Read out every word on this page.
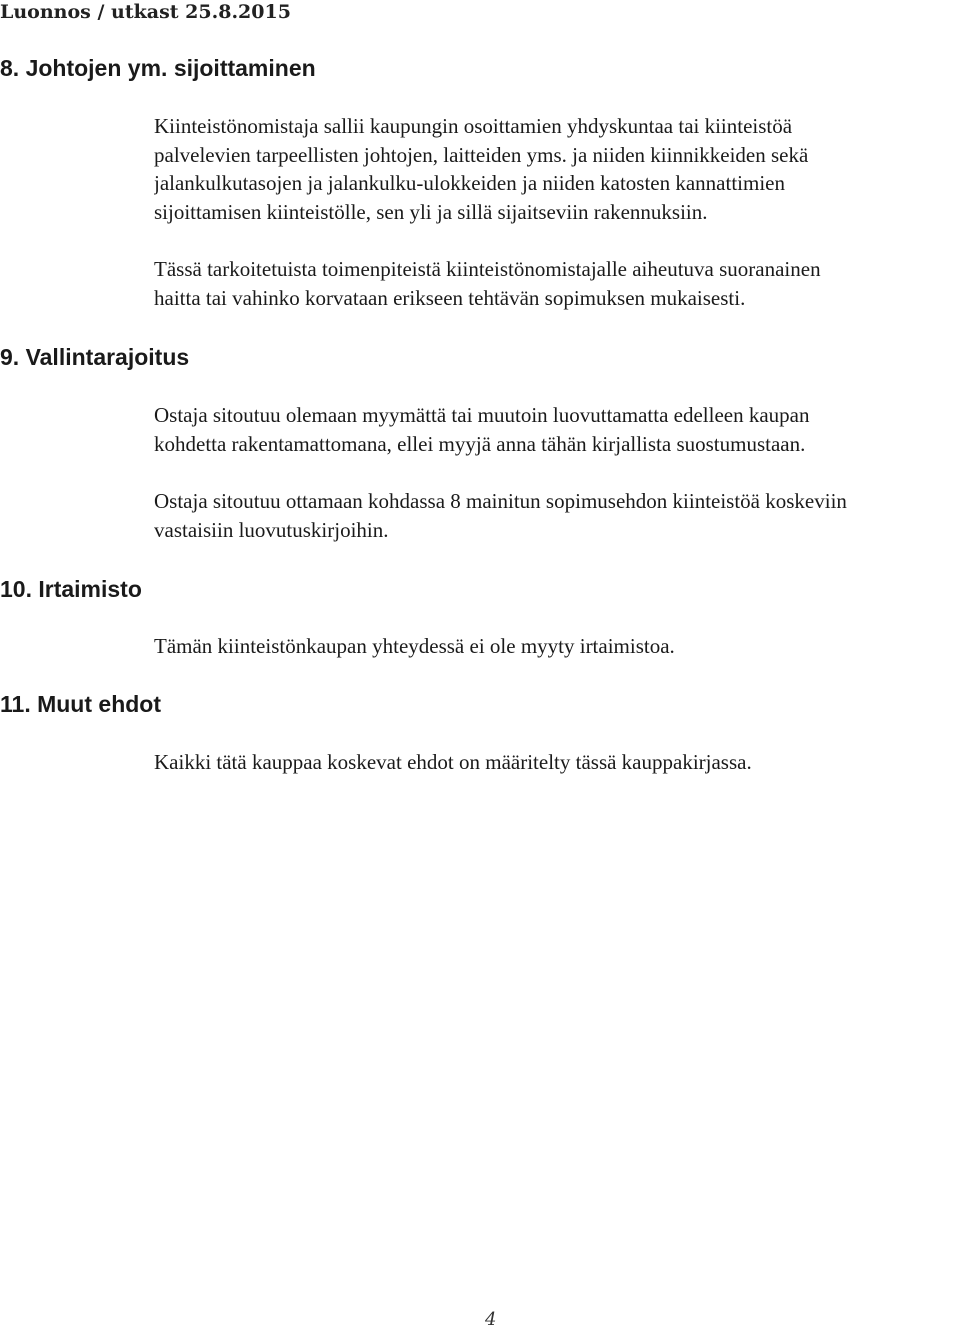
Luonnos / utkast 25.8.2015
8. Johtojen ym. sijoittaminen
Kiinteistönomistaja sallii kaupungin osoittamien yhdyskuntaa tai kiinteistöä
palvelevien tarpeellisten johtojen, laitteiden yms. ja niiden kiinnikkeiden sekä
jalankulkutasojen ja jalankulku-ulokkeiden ja niiden katosten kannattimien
sijoittamisen kiinteistölle, sen yli ja sillä sijaitseviin rakennuksiin.
Tässä tarkoitetuista toimenpiteistä kiinteistönomistajalle aiheutuva suoranainen
haitta tai vahinko korvataan erikseen tehtävän sopimuksen mukaisesti.
9. Vallintarajoitus
Ostaja sitoutuu olemaan myymättä tai muutoin luovuttamatta edelleen kaupan
kohdetta rakentamattomana, ellei myyjä anna tähän kirjallista suostumustaan.
Ostaja sitoutuu ottamaan kohdassa 8 mainitun sopimusehdon kiinteistöä koskeviin
vastaisiin luovutuskirjoihin.
10. Irtaimisto
Tämän kiinteistönkaupan yhteydessä ei ole myyty irtaimistoa.
11. Muut ehdot
Kaikki tätä kauppaa koskevat ehdot on määritelty tässä kauppakirjassa.
4
